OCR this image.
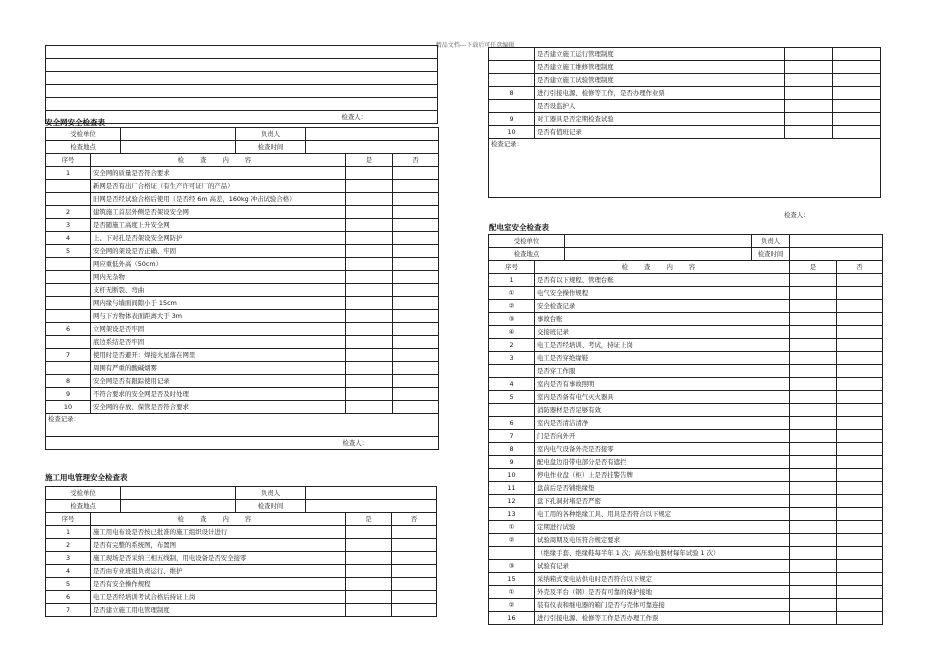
精品文档---下载后可任意编辑

检查人：
安全网安全检查表
受检单位			负责人			
检查地点			检查时间			
序号	检 查 内 容				是	否
1	安全网的质量是否符合要求					
	新网是否有出厂合格证（有生产许可证厂的产品）					
	旧网是否经试验合格后使用（是否经 6m 高差，160kg 冲击试验合格）					
2	建筑施工首层外侧是否架设安全网					
3	是否随施工高度上升安全网					
4	上、下对孔是否架设安全网防护					
5	安全网的架设是否正确、牢固					
	网应重低外高（50cm）					
	网内无杂物					
	支杆无断裂、弯曲					
	网内缘与墙面间隙小于 15cm					
	网与下方物体表面距离大于 3m					
6	立网架设是否牢固					
	底边系结是否牢固					
7	使用时是否避开：焊接火星落在网里					
	周围有严重的酸碱烟雾					
8	安全网是否有跟踪使用记录					
9	不符合要求的安全网是否及时处理					
10	安全网的存放、保管是否符合要求					
检查记录：						
检查人：						
施工用电管理安全检查表
受检单位			负责人			
检查地点			检查时间			
序号	检 查 内 容				是	否
1	施工用电布设是否按已批准的施工组织设计进行					
2	是否有完整的系统图，布置图					
3	施工现场是否采纳三相五线制，用电设备是否安全接零					
4	是否由专业班组负责运行、维护					
5	是否有安全操作规程					
6	电工是否经培训考试合格后持证上岗					
7	是否建立施工用电管理制度					
	是否建立施工运行管理制度		
	是否建立施工维修管理制度		
	是否建立施工试验管理制度		
8	进行引接电源、检修等工作，是否办理作业票		
	是否设监护人		
9	对工器具是否定期检查试验		
10	是否有值班记录		
检查记录：			
检查人：
配电室安全检查表
受检单位			负责人		
检查地点			检查时间		
序号	检 查 内 容			是	否
1	是否有以下规程、管理台账				
①	电气安全操作规程				
②	安全检查记录				
③	事故台账				
④	交接班记录				
2	电工是否经培训、考试，持证上岗				
3	电工是否穿绝缘鞋				
	是否穿工作服				
4	室内是否有事故照明				
5	室内是否备有电气灭火器具				
	消防器材是否足够有效				
6	室内是否清洁清净				
7	门是否向外开				
8	室内电气设备外壳是否接零				
9	配电盘边沿带电部分是否有遮拦				
10	停电作业盘（柜）上是否挂警告牌				
11	盘前后是否铺绝缘垫				
12	盘下孔洞封堵是否严密				
13	电工用的各种绝缘工具、用具是否符合以下规定				
①	定期进行试验				
②	试验周期及电压符合规定要求				
	（绝缘手套、绝缘鞋每半年 1 次；高压验电器材每年试验 1 次）				
③	试验有记录				
15	采纳箱式变电站供电时是否符合以下规定				
①	外壳及平台（钢）是否有可靠的保护接地				
②	装有仪表和继电器的箱门是否与壳体可靠连接				
16	进行引接电源、检修等工作是否办理工作票				
